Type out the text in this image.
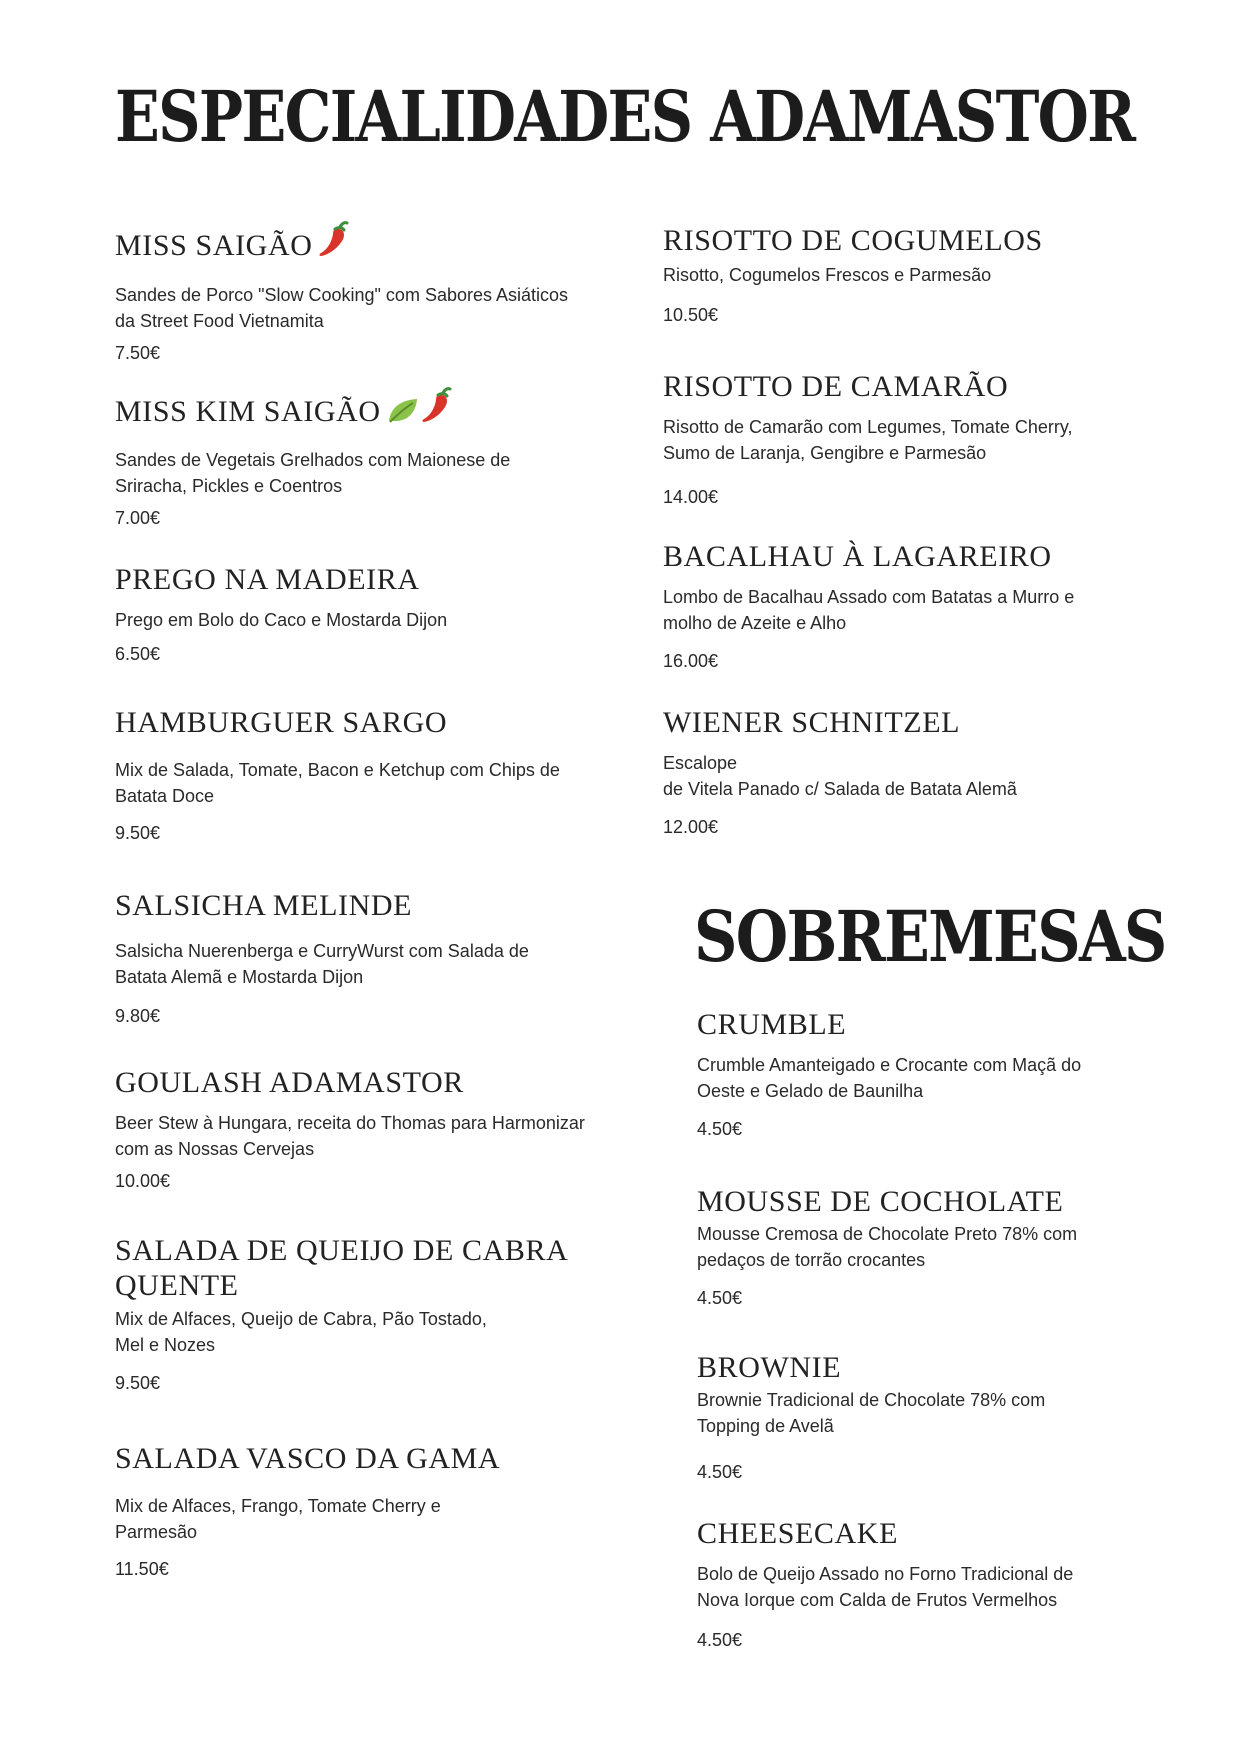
ESPECIALIDADES ADAMASTOR

MISS SAIGÃO

Sandes de Porco "Slow Cooking" com Sabores Asiáticos da Street Food Vietnamita

7.50€

MISS KIM SAIGÃO

Sandes de Vegetais Grelhados com Maionese de Sriracha, Pickles e Coentros

7.00€

PREGO NA MADEIRA

Prego em Bolo do Caco e Mostarda Dijon

6.50€

HAMBURGUER SARGO

Mix de Salada, Tomate, Bacon e Ketchup com Chips de Batata Doce

9.50€

SALSICHA MELINDE

Salsicha Nuerenberga e CurryWurst com Salada de Batata Alemã e Mostarda Dijon

9.80€

GOULASH ADAMASTOR

Beer Stew à Hungara, receita do Thomas para Harmonizar com as Nossas Cervejas

10.00€

SALADA DE QUEIJO DE CABRA QUENTE

Mix de Alfaces, Queijo de Cabra, Pão Tostado, Mel e Nozes

9.50€

SALADA VASCO DA GAMA

Mix de Alfaces, Frango, Tomate Cherry e Parmesão

11.50€

RISOTTO DE COGUMELOS

Risotto, Cogumelos Frescos e Parmesão

10.50€

RISOTTO DE CAMARÃO

Risotto de Camarão com Legumes, Tomate Cherry, Sumo de Laranja, Gengibre e Parmesão

14.00€

BACALHAU À LAGAREIRO

Lombo de Bacalhau Assado com Batatas a Murro e molho de Azeite e Alho

16.00€

WIENER SCHNITZEL

Escalope
de Vitela Panado c/ Salada de Batata Alemã

12.00€

SOBREMESAS

CRUMBLE

Crumble Amanteigado e Crocante com Maçã do Oeste e Gelado de Baunilha

4.50€

MOUSSE DE COCHOLATE

Mousse Cremosa de Chocolate Preto 78% com pedaços de torrão crocantes

4.50€

BROWNIE

Brownie Tradicional de Chocolate 78% com Topping de Avelã

4.50€

CHEESECAKE

Bolo de Queijo Assado no Forno Tradicional de Nova Iorque com Calda de Frutos Vermelhos

4.50€
